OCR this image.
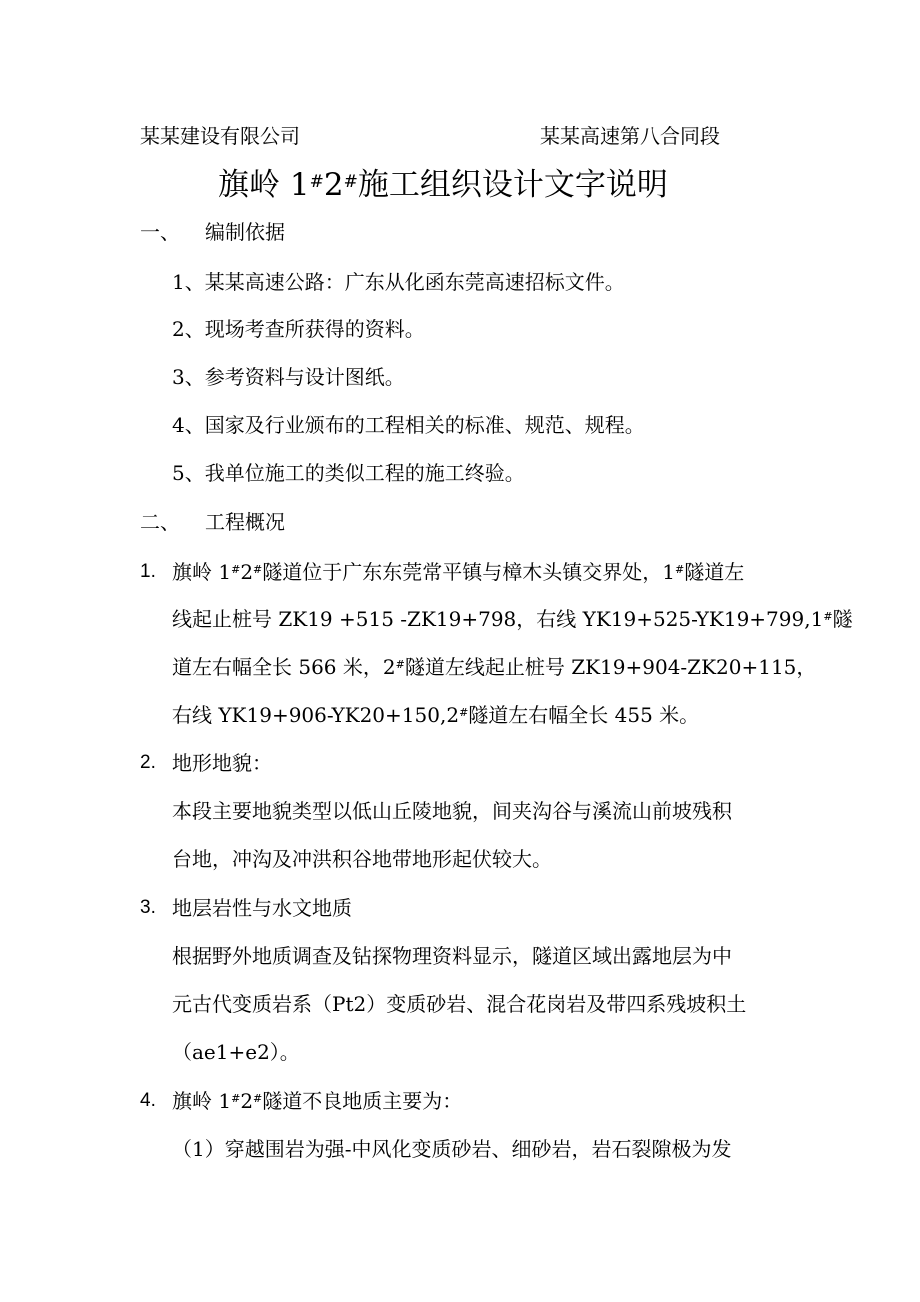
某某建设有限公司	某某高速第八合同段
旗岭 1#2#施工组织设计文字说明
一、 编制依据
1、某某高速公路：广东从化函东莞高速招标文件。
2、现场考查所获得的资料。
3、参考资料与设计图纸。
4、国家及行业颁布的工程相关的标准、规范、规程。
5、我单位施工的类似工程的施工终验。
二、 工程概况
1. 旗岭 1#2#隧道位于广东东莞常平镇与樟木头镇交界处，1#隧道左
线起止桩号 ZK19 +515 -ZK19+798，右线 YK19+525-YK19+799,1#隧
道左右幅全长 566 米，2#隧道左线起止桩号 ZK19+904-ZK20+115，
右线 YK19+906-YK20+150,2#隧道左右幅全长 455 米。
2. 地形地貌：
本段主要地貌类型以低山丘陵地貌，间夹沟谷与溪流山前坡残积
台地，冲沟及冲洪积谷地带地形起伏较大。
3. 地层岩性与水文地质
根据野外地质调查及钻探物理资料显示，隧道区域出露地层为中
元古代变质岩系（Pt2）变质砂岩、混合花岗岩及带四系残坡积土
（aе1+e2）。
4. 旗岭 1#2#隧道不良地质主要为：
（1）穿越围岩为强-中风化变质砂岩、细砂岩，岩石裂隙极为发
